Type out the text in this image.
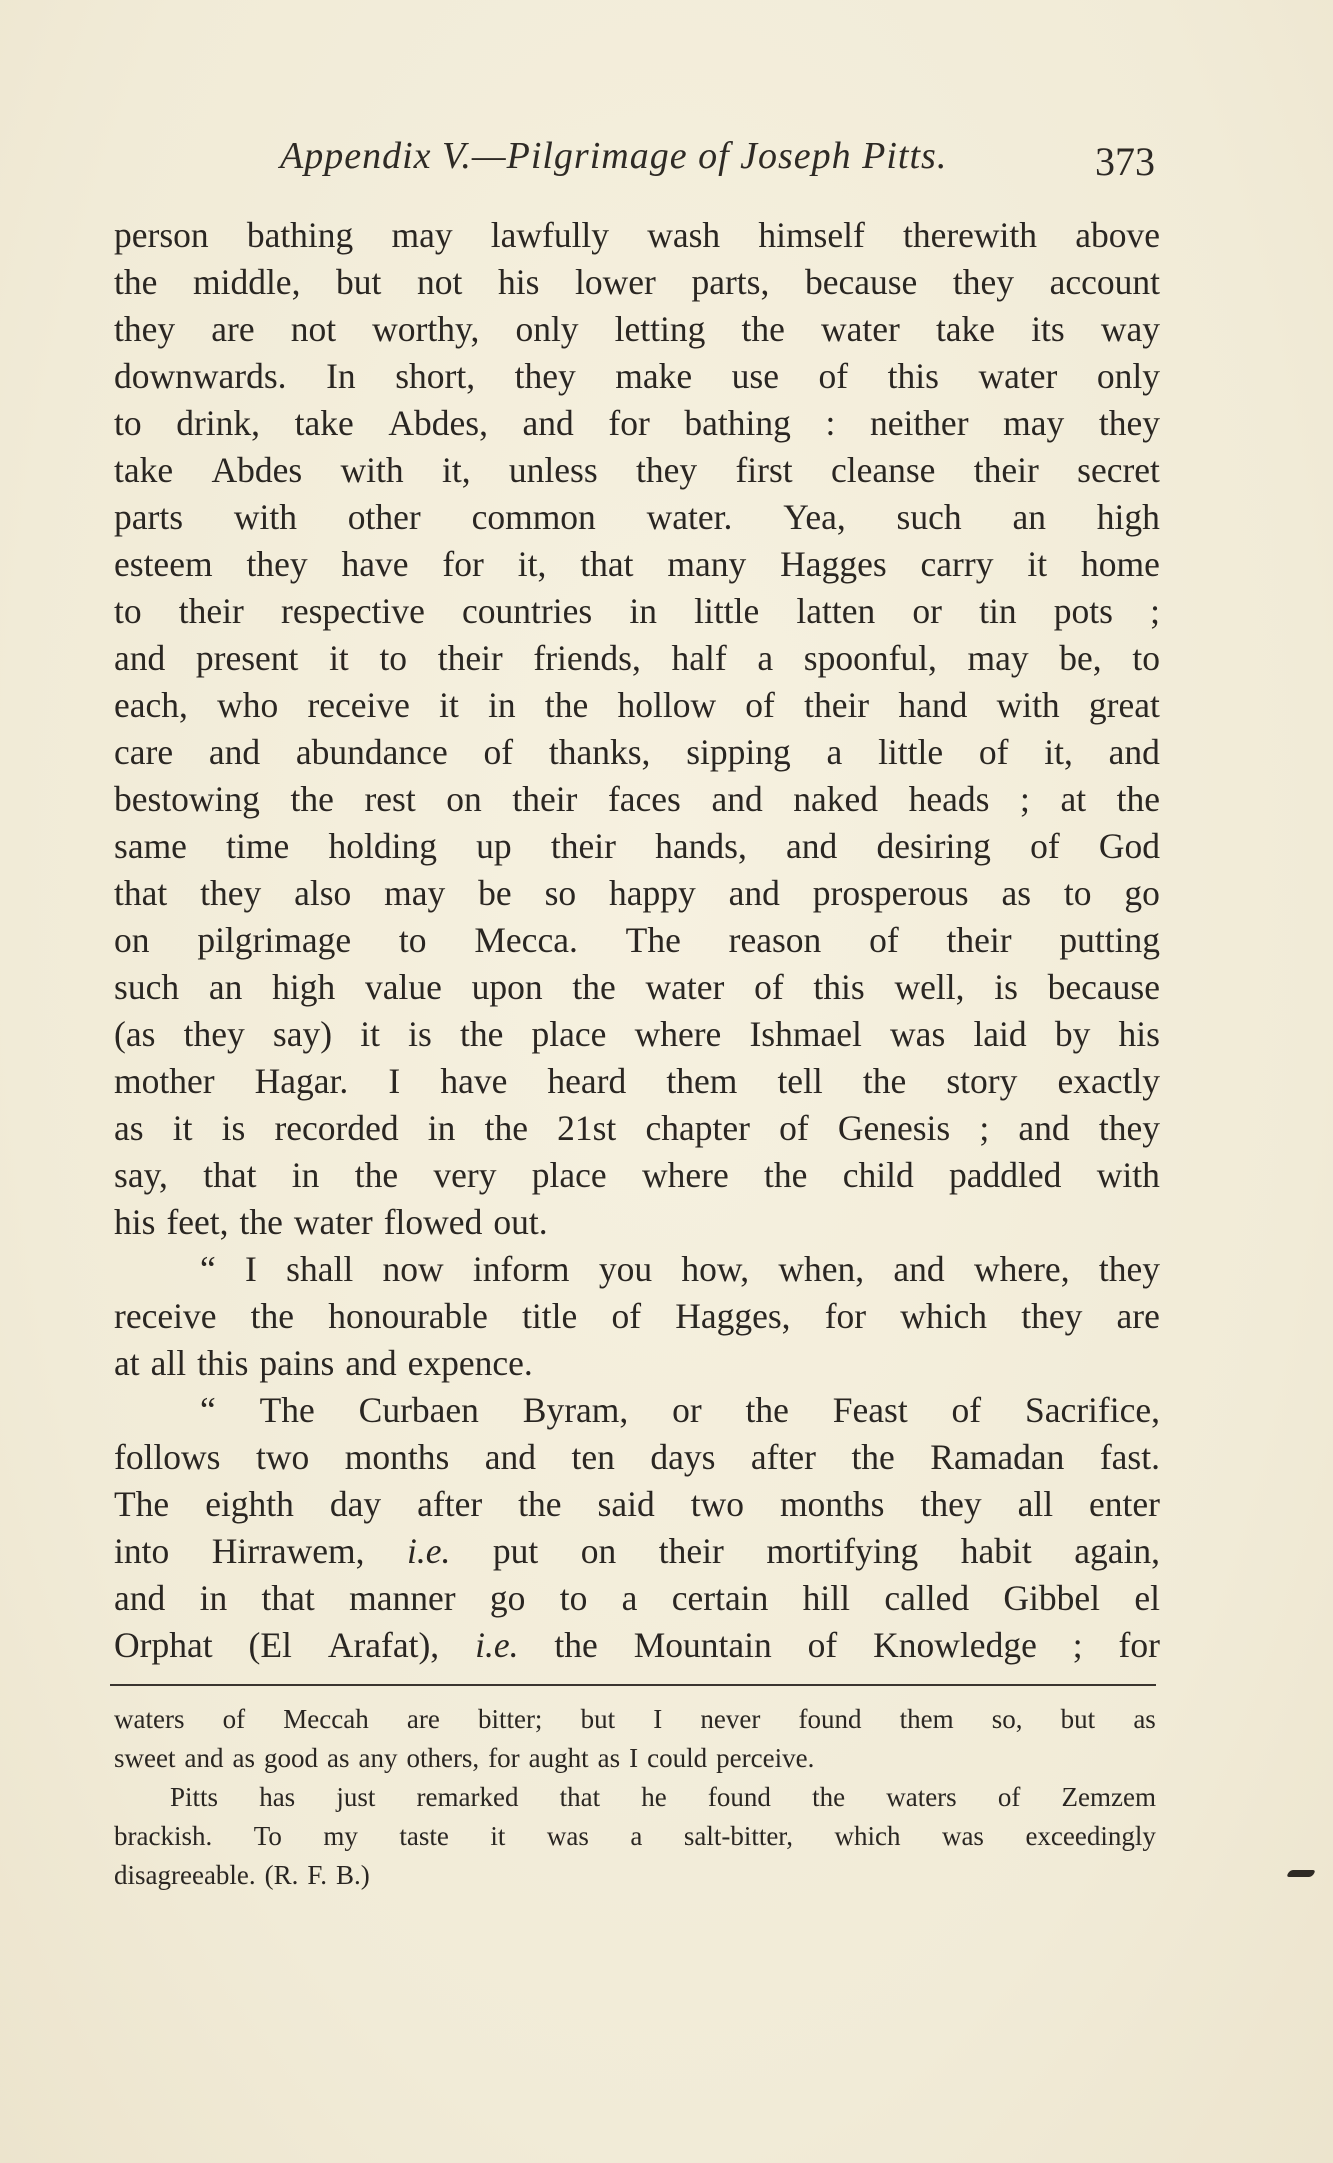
Appendix V.—Pilgrimage of Joseph Pitts.	373
person bathing may lawfully wash himself therewith above
the middle, but not his lower parts, because they account
they are not worthy, only letting the water take its way
downwards. In short, they make use of this water only
to drink, take Abdes, and for bathing : neither may they
take Abdes with it, unless they first cleanse their secret
parts with other common water. Yea, such an high
esteem they have for it, that many Hagges carry it home
to their respective countries in little latten or tin pots ;
and present it to their friends, half a spoonful, may be, to
each, who receive it in the hollow of their hand with great
care and abundance of thanks, sipping a little of it, and
bestowing the rest on their faces and naked heads ; at the
same time holding up their hands, and desiring of God
that they also may be so happy and prosperous as to go
on pilgrimage to Mecca. The reason of their putting
such an high value upon the water of this well, is because
(as they say) it is the place where Ishmael was laid by his
mother Hagar. I have heard them tell the story exactly
as it is recorded in the 21st chapter of Genesis ; and they
say, that in the very place where the child paddled with
his feet, the water flowed out.
“ I shall now inform you how, when, and where, they
receive the honourable title of Hagges, for which they are
at all this pains and expence.
“ The Curbaen Byram, or the Feast of Sacrifice,
follows two months and ten days after the Ramadan fast.
The eighth day after the said two months they all enter
into Hirrawem, i.e. put on their mortifying habit again,
and in that manner go to a certain hill called Gibbel el
Orphat (El Arafat), i.e. the Mountain of Knowledge ; for
waters of Meccah are bitter; but I never found them so, but as
sweet and as good as any others, for aught as I could perceive.
Pitts has just remarked that he found the waters of Zemzem
brackish. To my taste it was a salt-bitter, which was exceedingly
disagreeable. (R. F. B.)
